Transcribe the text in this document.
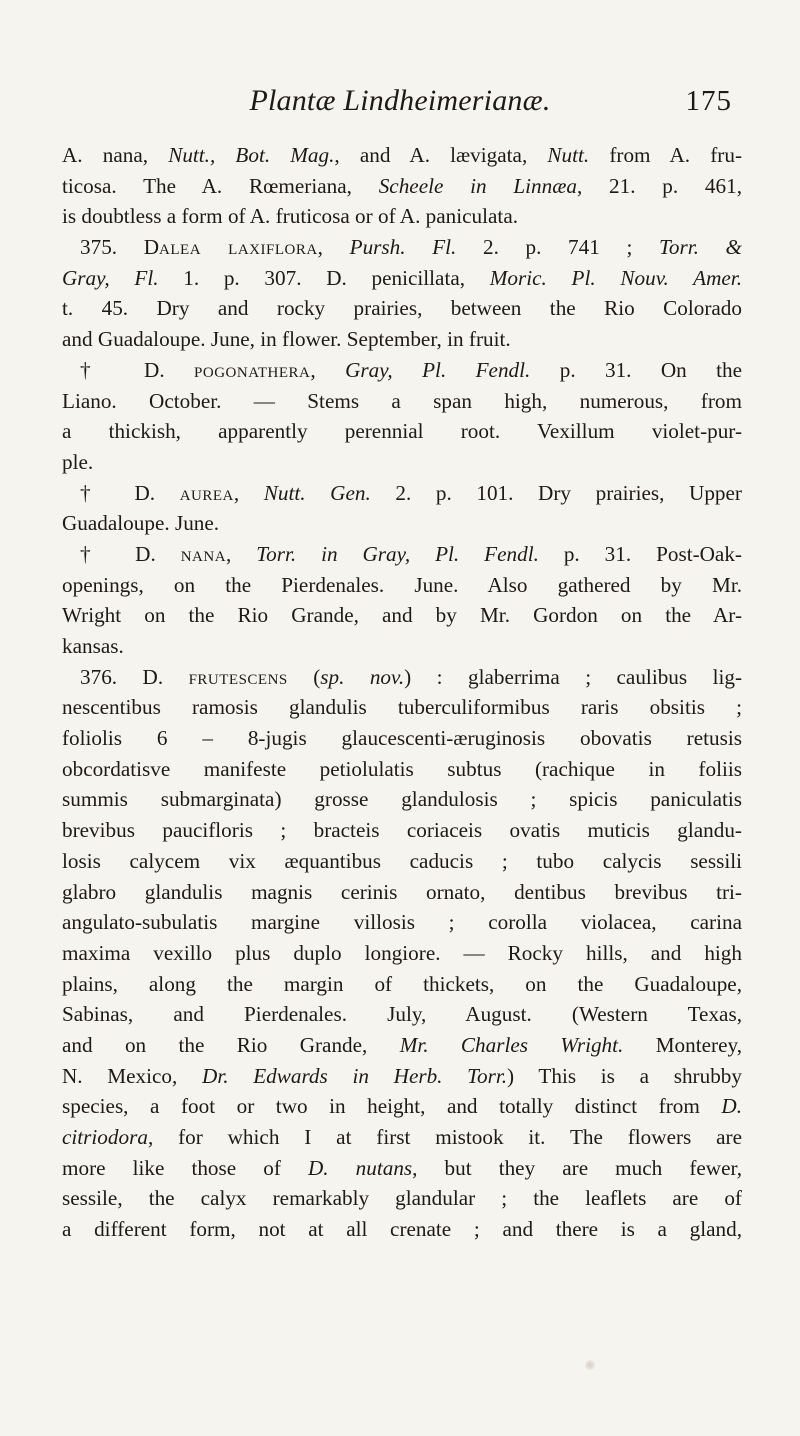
Plantæ Lindheimerianæ.	175
A. nana, Nutt., Bot. Mag., and A. lævigata, Nutt. from A. fru-
ticosa. The A. Rœmeriana, Scheele in Linnæa, 21. p. 461,
is doubtless a form of A. fruticosa or of A. paniculata.
375. Dalea laxiflora, Pursh. Fl. 2. p. 741 ; Torr. &
Gray, Fl. 1. p. 307. D. penicillata, Moric. Pl. Nouv. Amer.
t. 45. Dry and rocky prairies, between the Rio Colorado
and Guadaloupe. June, in flower. September, in fruit.
† D. pogonathera, Gray, Pl. Fendl. p. 31. On the
Liano. October. — Stems a span high, numerous, from
a thickish, apparently perennial root. Vexillum violet-pur-
ple.
† D. aurea, Nutt. Gen. 2. p. 101. Dry prairies, Upper
Guadaloupe. June.
† D. nana, Torr. in Gray, Pl. Fendl. p. 31. Post-Oak-
openings, on the Pierdenales. June. Also gathered by Mr.
Wright on the Rio Grande, and by Mr. Gordon on the Ar-
kansas.
376. D. frutescens (sp. nov.) : glaberrima ; caulibus lig-
nescentibus ramosis glandulis tuberculiformibus raris obsitis ;
foliolis 6 – 8-jugis glaucescenti-æruginosis obovatis retusis
obcordatisve manifeste petiolulatis subtus (rachique in foliis
summis submarginata) grosse glandulosis ; spicis paniculatis
brevibus paucifloris ; bracteis coriaceis ovatis muticis glandu-
losis calycem vix æquantibus caducis ; tubo calycis sessili
glabro glandulis magnis cerinis ornato, dentibus brevibus tri-
angulato-subulatis margine villosis ; corolla violacea, carina
maxima vexillo plus duplo longiore. — Rocky hills, and high
plains, along the margin of thickets, on the Guadaloupe,
Sabinas, and Pierdenales. July, August. (Western Texas,
and on the Rio Grande, Mr. Charles Wright. Monterey,
N. Mexico, Dr. Edwards in Herb. Torr.) This is a shrubby
species, a foot or two in height, and totally distinct from D.
citriodora, for which I at first mistook it. The flowers are
more like those of D. nutans, but they are much fewer,
sessile, the calyx remarkably glandular ; the leaflets are of
a different form, not at all crenate ; and there is a gland,
